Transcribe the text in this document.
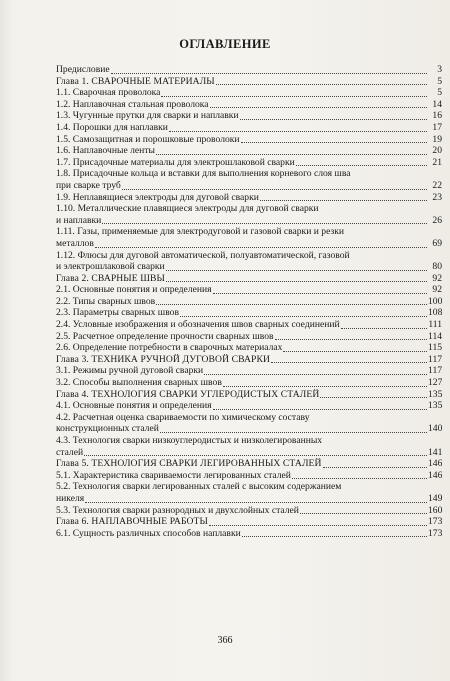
ОГЛАВЛЕНИЕ
Предисловие	3
Глава 1. СВАРОЧНЫЕ МАТЕРИАЛЫ	5
1.1. Сварочная проволока	5
1.2. Наплавочная стальная проволока	14
1.3. Чугунные прутки для сварки и наплавки	16
1.4. Порошки для наплавки	17
1.5. Самозащитная и порошковые проволоки	19
1.6. Наплавочные ленты	20
1.7. Присадочные материалы для электрошлаковой сварки	21
1.8. Присадочные кольца и вставки для выполнения корневого слоя шва
при сварке труб	22
1.9. Неплавящиеся электроды для дуговой сварки	23
1.10. Металлические плавящиеся электроды для дуговой сварки
и наплавки	26
1.11. Газы, применяемые для электродуговой и газовой сварки и резки
металлов	69
1.12. Флюсы для дуговой автоматической, полуавтоматической, газовой
и электрошлаковой сварки	80
Глава 2. СВАРНЫЕ ШВЫ	92
2.1. Основные понятия и определения	92
2.2. Типы сварных швов	100
2.3. Параметры сварных швов	108
2.4. Условные изображения и обозначения швов сварных соединений	111
2.5. Расчетное определение прочности сварных швов	114
2.6. Определение потребности в сварочных материалах	115
Глава 3. ТЕХНИКА РУЧНОЙ ДУГОВОЙ СВАРКИ	117
3.1. Режимы ручной дуговой сварки	117
3.2. Способы выполнения сварных швов	127
Глава 4. ТЕХНОЛОГИЯ СВАРКИ УГЛЕРОДИСТЫХ СТАЛЕЙ	135
4.1. Основные понятия и определения	135
4.2. Расчетная оценка свариваемости по химическому составу
конструкционных сталей	140
4.3. Технология сварки низкоуглеродистых и низколегированных
сталей	141
Глава 5. ТЕХНОЛОГИЯ СВАРКИ ЛЕГИРОВАННЫХ СТАЛЕЙ	146
5.1. Характеристика свариваемости легированных сталей	146
5.2. Технология сварки легированных сталей с высоким содержанием
никеля	149
5.3. Технология сварки разнородных и двухслойных сталей	160
Глава 6. НАПЛАВОЧНЫЕ РАБОТЫ	173
6.1. Сущность различных способов наплавки	173
366
